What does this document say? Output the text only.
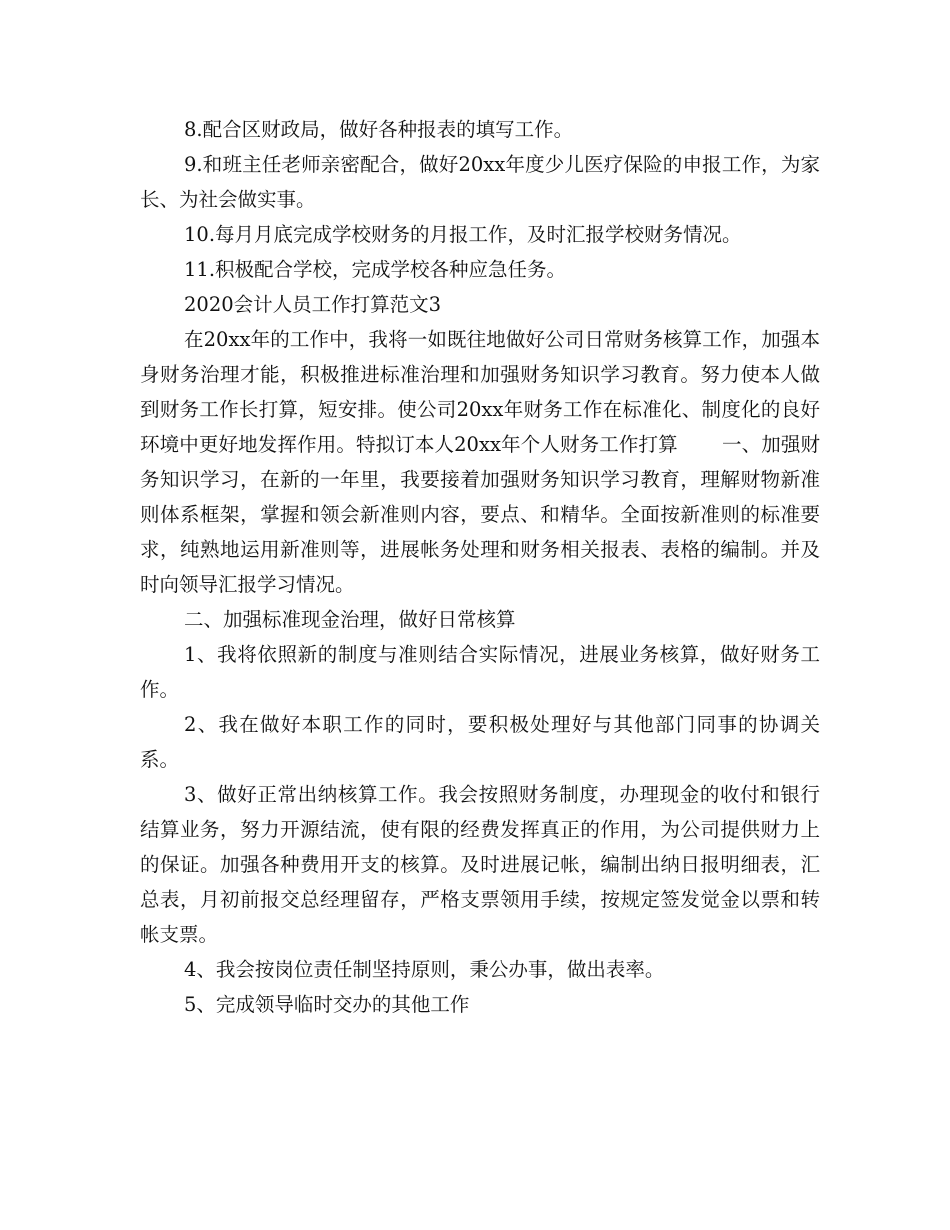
8.配合区财政局，做好各种报表的填写工作。

9.和班主任老师亲密配合，做好20xx年度少儿医疗保险的申报工作，为家长、为社会做实事。

10.每月月底完成学校财务的月报工作，及时汇报学校财务情况。

11.积极配合学校，完成学校各种应急任务。

2020会计人员工作打算范文3

在20xx年的工作中，我将一如既往地做好公司日常财务核算工作，加强本身财务治理才能，积极推进标准治理和加强财务知识学习教育。努力使本人做到财务工作长打算，短安排。使公司20xx年财务工作在标准化、制度化的良好环境中更好地发挥作用。特拟订本人20xx年个人财务工作打算 一、加强财务知识学习，在新的一年里，我要接着加强财务知识学习教育，理解财物新准则体系框架，掌握和领会新准则内容，要点、和精华。全面按新准则的标准要求，纯熟地运用新准则等，进展帐务处理和财务相关报表、表格的编制。并及时向领导汇报学习情况。

二、加强标准现金治理，做好日常核算

1、我将依照新的制度与准则结合实际情况，进展业务核算，做好财务工作。

2、我在做好本职工作的同时，要积极处理好与其他部门同事的协调关系。

3、做好正常出纳核算工作。我会按照财务制度，办理现金的收付和银行结算业务，努力开源结流，使有限的经费发挥真正的作用，为公司提供财力上的保证。加强各种费用开支的核算。及时进展记帐，编制出纳日报明细表，汇总表，月初前报交总经理留存，严格支票领用手续，按规定签发觉金以票和转帐支票。

4、我会按岗位责任制坚持原则，秉公办事，做出表率。

5、完成领导临时交办的其他工作
